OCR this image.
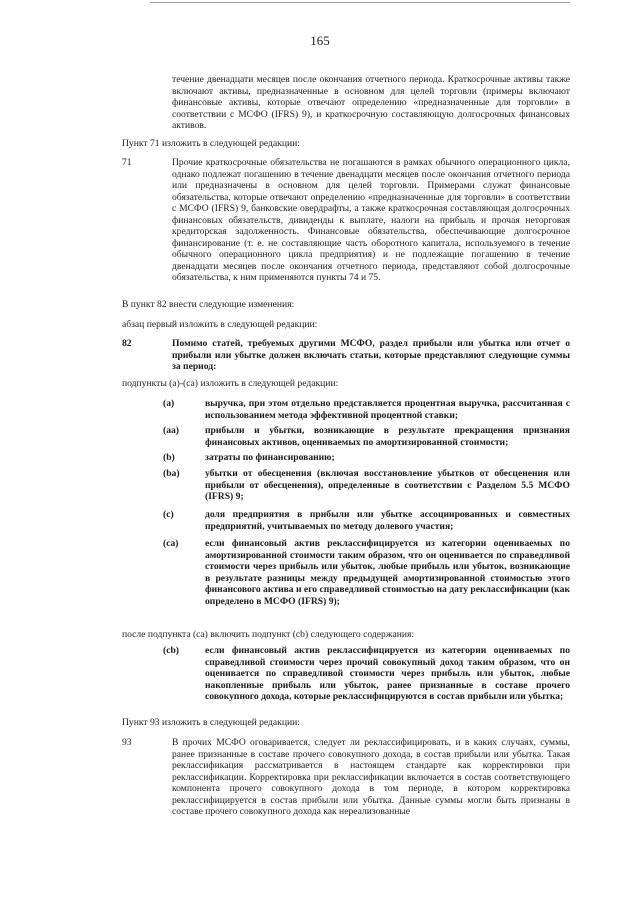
165
течение двенадцати месяцев после окончания отчетного периода. Краткосрочные активы также включают активы, предназначенные в основном для целей торговли (примеры включают финансовые активы, которые отвечают определению «предназначенные для торговли» в соответствии с МСФО (IFRS) 9), и краткосрочную составляющую долгосрочных финансовых активов.
Пункт 71 изложить в следующей редакции:
71	Прочие краткосрочные обязательства не погашаются в рамках обычного операционного цикла, однако подлежат погашению в течение двенадцати месяцев после окончания отчетного периода или предназначены в основном для целей торговли. Примерами служат финансовые обязательства, которые отвечают определению «предназначенные для торговли» в соответствии с МСФО (IFRS) 9, банковские овердрафты, а также краткосрочная составляющая долгосрочных финансовых обязательств, дивиденды к выплате, налоги на прибыль и прочая неторговая кредиторская задолженность. Финансовые обязательства, обеспечивающие долгосрочное финансирование (т. е. не составляющие часть оборотного капитала, используемого в течение обычного операционного цикла предприятия) и не подлежащие погашению в течение двенадцати месяцев после окончания отчетного периода, представляют собой долгосрочные обязательства, к ним применяются пункты 74 и 75.
В пункт 82 внести следующие изменения:
абзац первый изложить в следующей редакции:
82	Помимо статей, требуемых другими МСФО, раздел прибыли или убытка или отчет о прибыли или убытке должен включать статьи, которые представляют следующие суммы за период:
подпункты (a)-(ca) изложить в следующей редакции:
(a)	выручка, при этом отдельно представляется процентная выручка, рассчитанная с использованием метода эффективной процентной ставки;
(aa)	прибыли и убытки, возникающие в результате прекращения признания финансовых активов, оцениваемых по амортизированной стоимости;
(b)	затраты по финансированию;
(ba)	убытки от обесценения (включая восстановление убытков от обесценения или прибыли от обесценения), определенные в соответствии с Разделом 5.5 МСФО (IFRS) 9;
(c)	доля предприятия в прибыли или убытке ассоциированных и совместных предприятий, учитываемых по методу долевого участия;
(ca)	если финансовый актив реклассифицируется из категории оцениваемых по амортизированной стоимости таким образом, что он оценивается по справедливой стоимости через прибыль или убыток, любые прибыль или убыток, возникающие в результате разницы между предыдущей амортизированной стоимостью этого финансового актива и его справедливой стоимостью на дату реклассификации (как определено в МСФО (IFRS) 9);
после подпункта (ca) включить подпункт (cb) следующего содержания:
(cb)	если финансовый актив реклассифицируется из категории оцениваемых по справедливой стоимости через прочий совокупный доход таким образом, что он оценивается по справедливой стоимости через прибыль или убыток, любые накопленные прибыль или убыток, ранее признанные в составе прочего совокупного дохода, которые реклассифицируются в состав прибыли или убытка;
Пункт 93 изложить в следующей редакции:
93	В прочих МСФО оговаривается, следует ли реклассифицировать, и в каких случаях, суммы, ранее признанные в составе прочего совокупного дохода, в состав прибыли или убытка. Такая реклассификация рассматривается в настоящем стандарте как корректировки при реклассификации. Корректировка при реклассификации включается в состав соответствующего компонента прочего совокупного дохода в том периоде, в котором корректировка реклассифицируется в состав прибыли или убытка. Данные суммы могли быть признаны в составе прочего совокупного дохода как нереализованные
